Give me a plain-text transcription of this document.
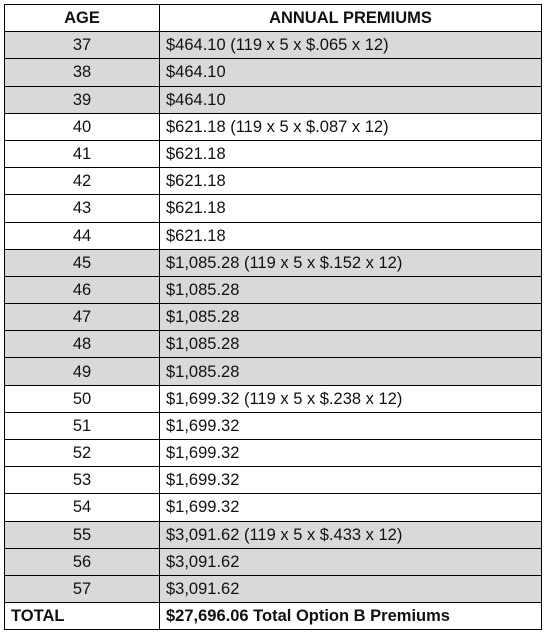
AGE	ANNUAL PREMIUMS
37	$464.10 (119 x 5 x $.065 x 12)
38	$464.10
39	$464.10
40	$621.18 (119 x 5 x $.087 x 12)
41	$621.18
42	$621.18
43	$621.18
44	$621.18
45	$1,085.28 (119 x 5 x $.152 x 12)
46	$1,085.28
47	$1,085.28
48	$1,085.28
49	$1,085.28
50	$1,699.32 (119 x 5 x $.238 x 12)
51	$1,699.32
52	$1,699.32
53	$1,699.32
54	$1,699.32
55	$3,091.62 (119 x 5 x $.433 x 12)
56	$3,091.62
57	$3,091.62
TOTAL	$27,696.06 Total Option B Premiums
